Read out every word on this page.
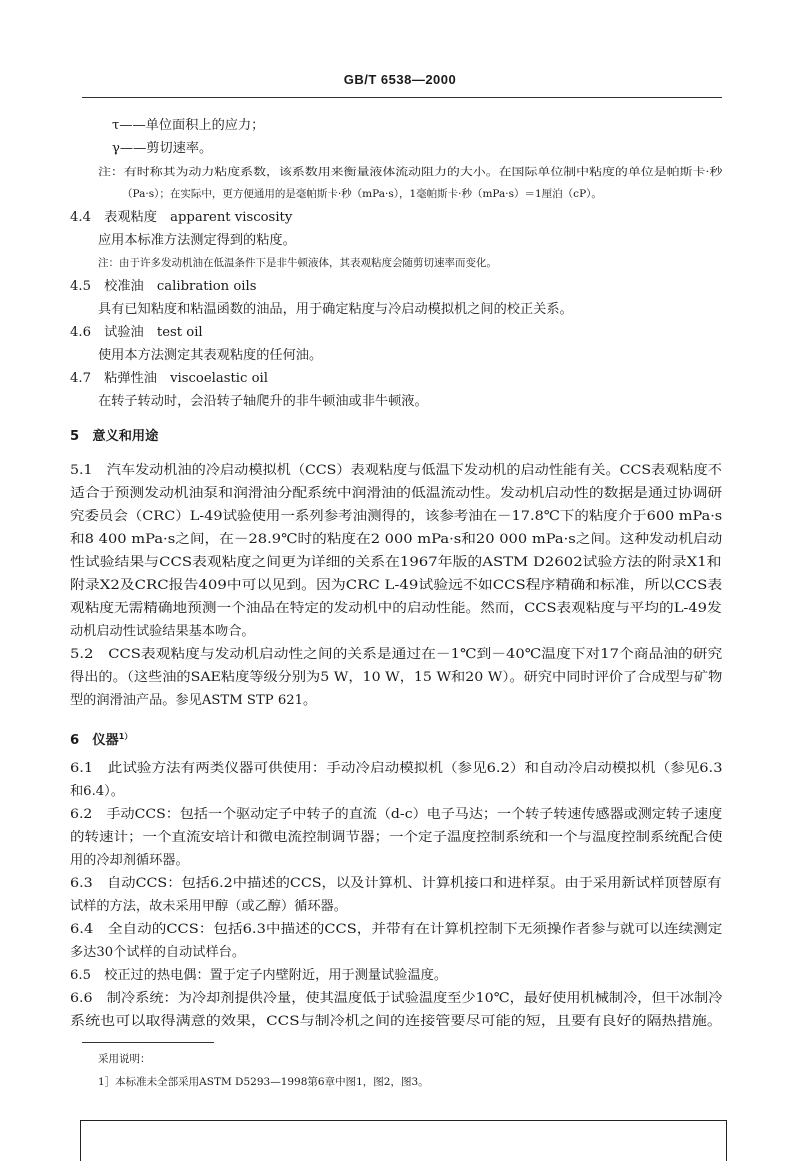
GB/T 6538—2000
τ——单位面积上的应力；
γ——剪切速率。
注：有时称其为动力粘度系数，该系数用来衡量液体流动阻力的大小。在国际单位制中粘度的单位是帕斯卡·秒
（Pa·s）；在实际中，更方便通用的是毫帕斯卡·秒（mPa·s），1毫帕斯卡·秒（mPa·s）＝1厘泊（cP）。
4.4　表观粘度　apparent viscosity
应用本标准方法测定得到的粘度。
注：由于许多发动机油在低温条件下是非牛顿液体，其表观粘度会随剪切速率而变化。
4.5　校准油　calibration oils
具有已知粘度和粘温函数的油品，用于确定粘度与冷启动模拟机之间的校正关系。
4.6　试验油　test oil
使用本方法测定其表观粘度的任何油。
4.7　粘弹性油　viscoelastic oil
在转子转动时，会沿转子轴爬升的非牛顿油或非牛顿液。
5　意义和用途
5.1　汽车发动机油的冷启动模拟机（CCS）表观粘度与低温下发动机的启动性能有关。CCS表观粘度不
适合于预测发动机油泵和润滑油分配系统中润滑油的低温流动性。发动机启动性的数据是通过协调研
究委员会（CRC）L-49试验使用一系列参考油测得的，该参考油在－17.8℃下的粘度介于600 mPa·s
和8 400 mPa·s之间，在－28.9℃时的粘度在2 000 mPa·s和20 000 mPa·s之间。这种发动机启动
性试验结果与CCS表观粘度之间更为详细的关系在1967年版的ASTM D2602试验方法的附录X1和
附录X2及CRC报告409中可以见到。因为CRC L-49试验远不如CCS程序精确和标准，所以CCS表
观粘度无需精确地预测一个油品在特定的发动机中的启动性能。然而，CCS表观粘度与平均的L-49发
动机启动性试验结果基本吻合。
5.2　CCS表观粘度与发动机启动性之间的关系是通过在－1℃到－40℃温度下对17个商品油的研究
得出的。（这些油的SAE粘度等级分别为5 W，10 W，15 W和20 W）。研究中同时评价了合成型与矿物
型的润滑油产品。参见ASTM STP 621。
6　仪器$^{1)}$
6.1　此试验方法有两类仪器可供使用：手动冷启动模拟机（参见6.2）和自动冷启动模拟机（参见6.3
和6.4）。
6.2　手动CCS：包括一个驱动定子中转子的直流（d-c）电子马达；一个转子转速传感器或测定转子速度
的转速计；一个直流安培计和微电流控制调节器；一个定子温度控制系统和一个与温度控制系统配合使
用的冷却剂循环器。
6.3　自动CCS：包括6.2中描述的CCS，以及计算机、计算机接口和进样泵。由于采用新试样顶替原有
试样的方法，故未采用甲醇（或乙醇）循环器。
6.4　全自动的CCS：包括6.3中描述的CCS，并带有在计算机控制下无须操作者参与就可以连续测定
多达30个试样的自动试样台。
6.5　校正过的热电偶：置于定子内壁附近，用于测量试验温度。
6.6　制冷系统：为冷却剂提供冷量，使其温度低于试验温度至少10℃，最好使用机械制冷，但干冰制冷
系统也可以取得满意的效果，CCS与制冷机之间的连接管要尽可能的短，且要有良好的隔热措施。
采用说明：
1］本标准未全部采用ASTM D5293—1998第6章中图1，图2，图3。
